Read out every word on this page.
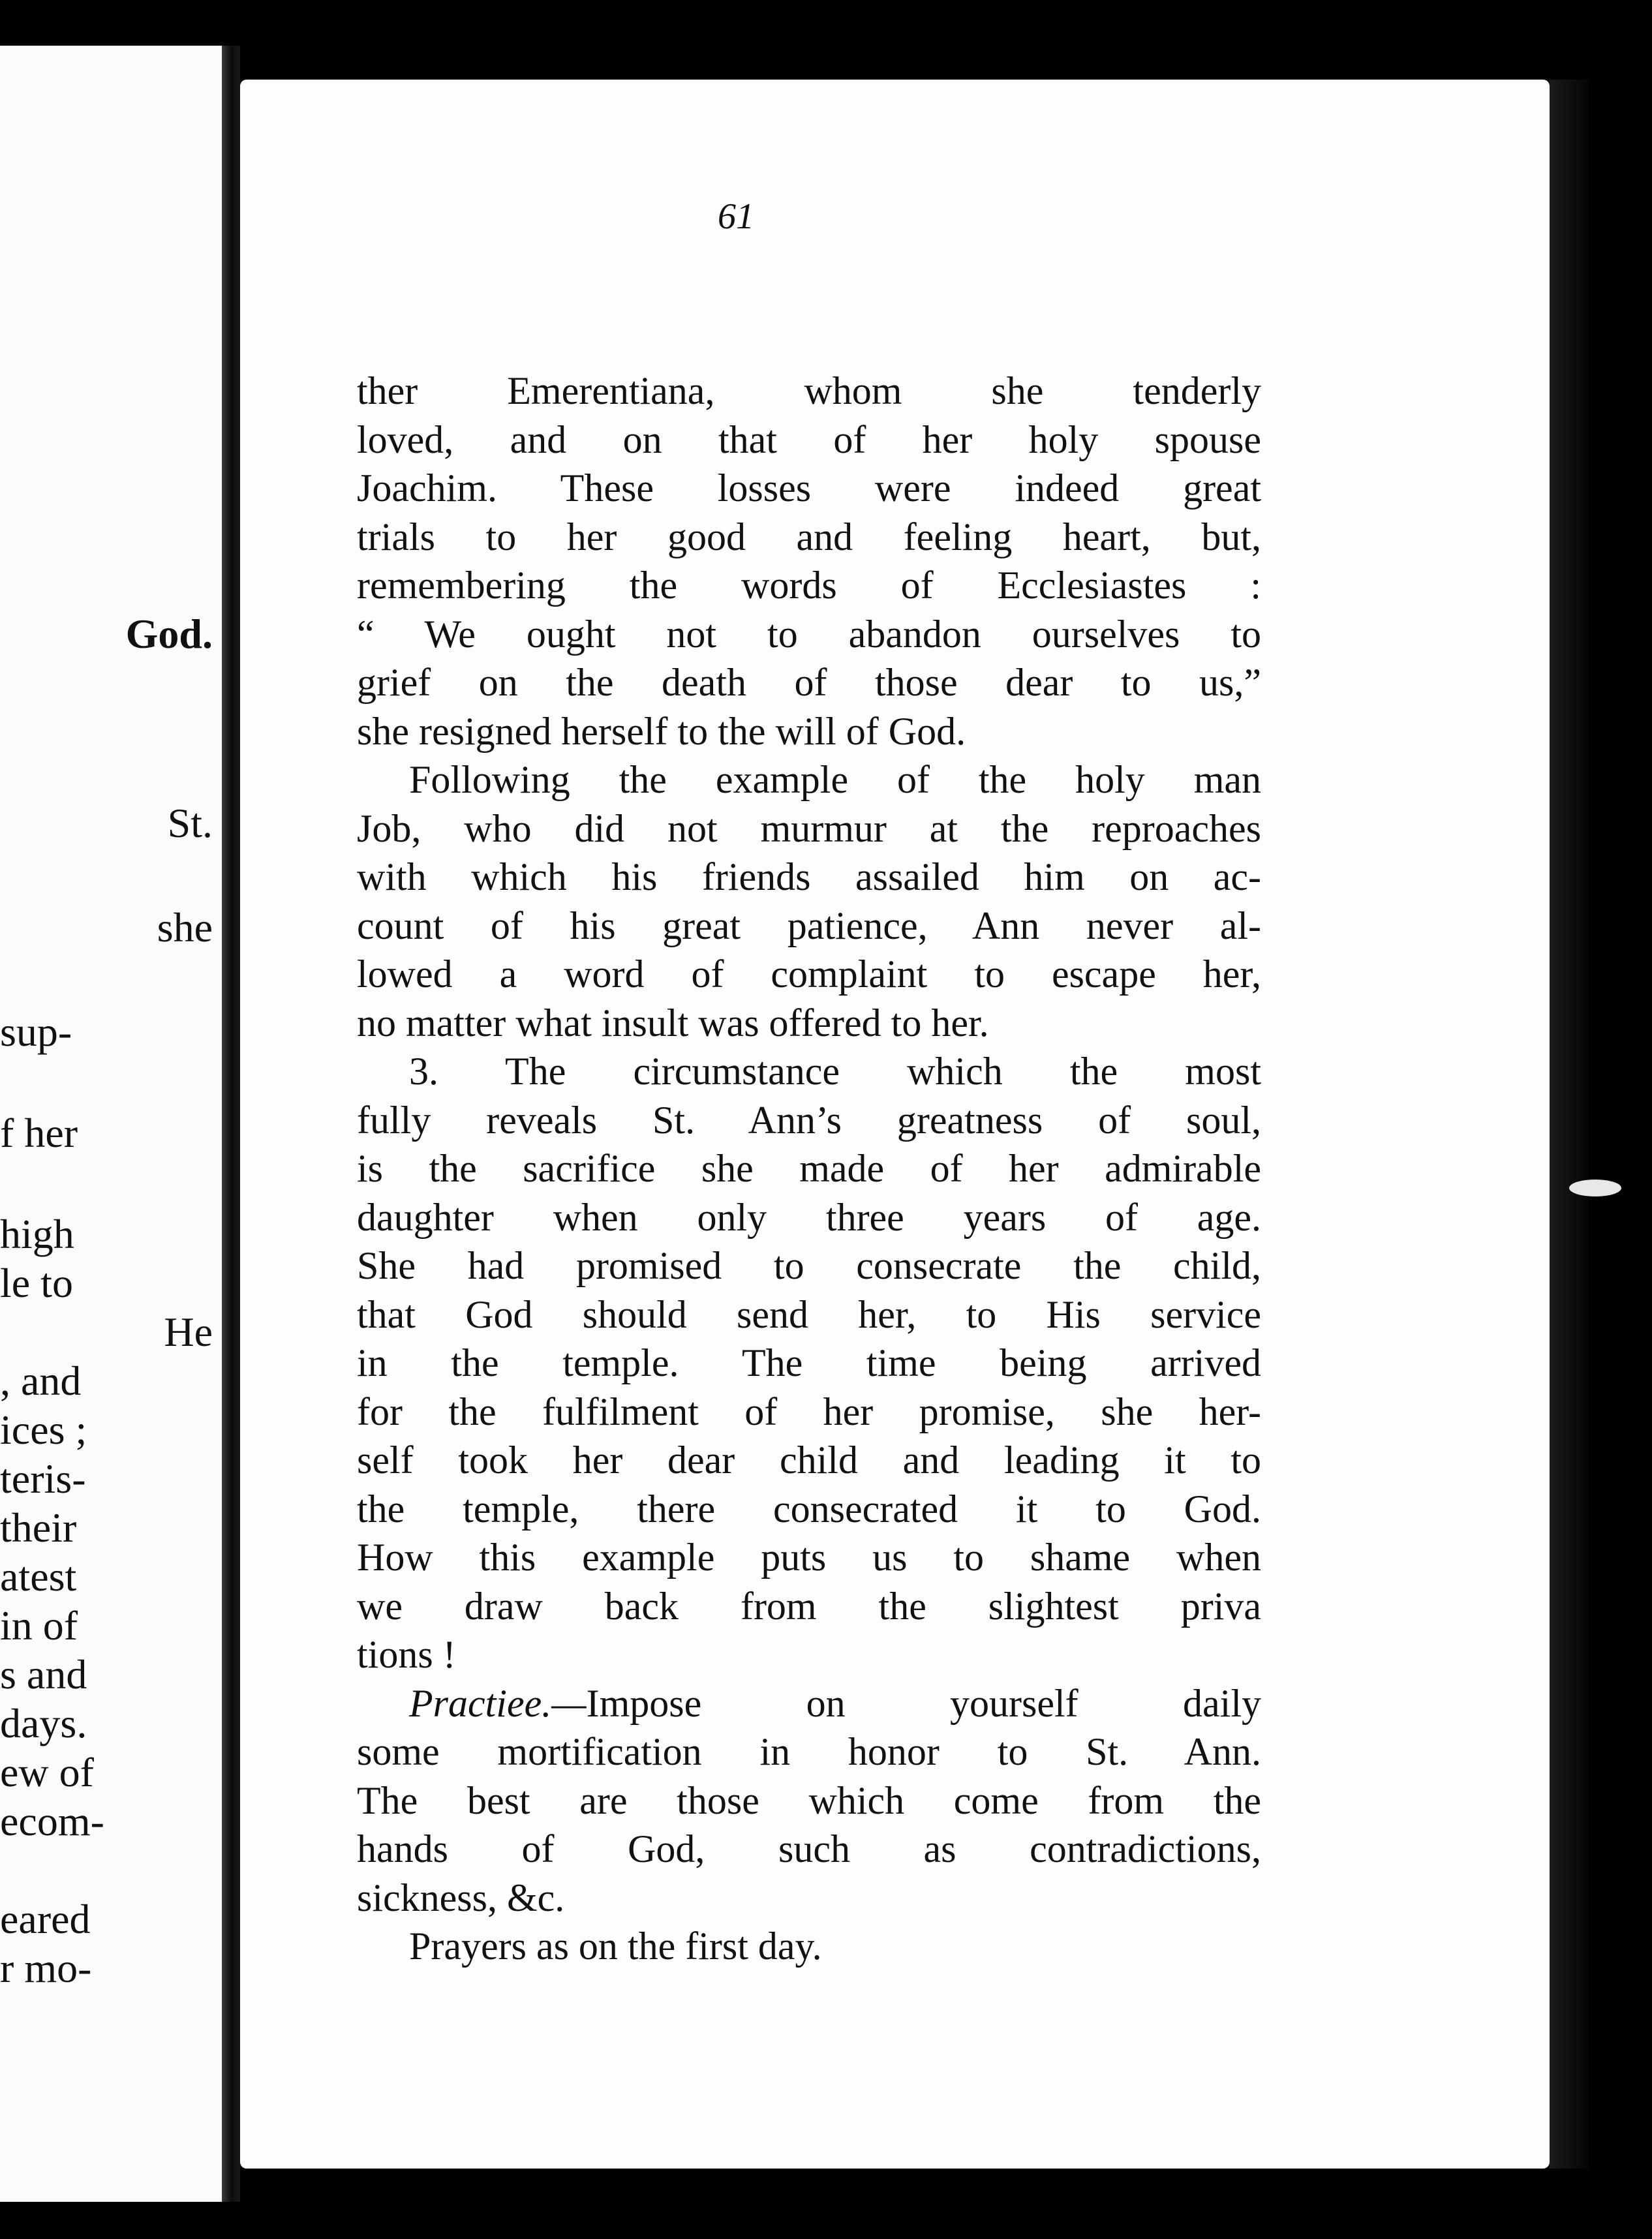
God.
St.
she
sup-
f her
high
le to
He
, and
ices ;
teris-
their
atest
in of
s and
days.
ew of
ecom-
eared
r mo-
61
ther Emerentiana, whom she tenderly
loved, and on that of her holy spouse
Joachim. These losses were indeed great
trials to her good and feeling heart, but,
remembering the words of Ecclesiastes :
“ We ought not to abandon ourselves to
grief on the death of those dear to us,”
she resigned herself to the will of God.
Following the example of the holy man
Job, who did not murmur at the reproaches
with which his friends assailed him on ac-
count of his great patience, Ann never al-
lowed a word of complaint to escape her,
no matter what insult was offered to her.
3. The circumstance which the most
fully reveals St. Ann’s greatness of soul,
is the sacrifice she made of her admirable
daughter when only three years of age.
She had promised to consecrate the child,
that God should send her, to His service
in the temple. The time being arrived
for the fulfilment of her promise, she her-
self took her dear child and leading it to
the temple, there consecrated it to God.
How this example puts us to shame when
we draw back from the slightest priva
tions !
Practiee.—Impose on yourself daily
some mortification in honor to St. Ann.
The best are those which come from the
hands of God, such as contradictions,
sickness, &c.
Prayers as on the first day.
